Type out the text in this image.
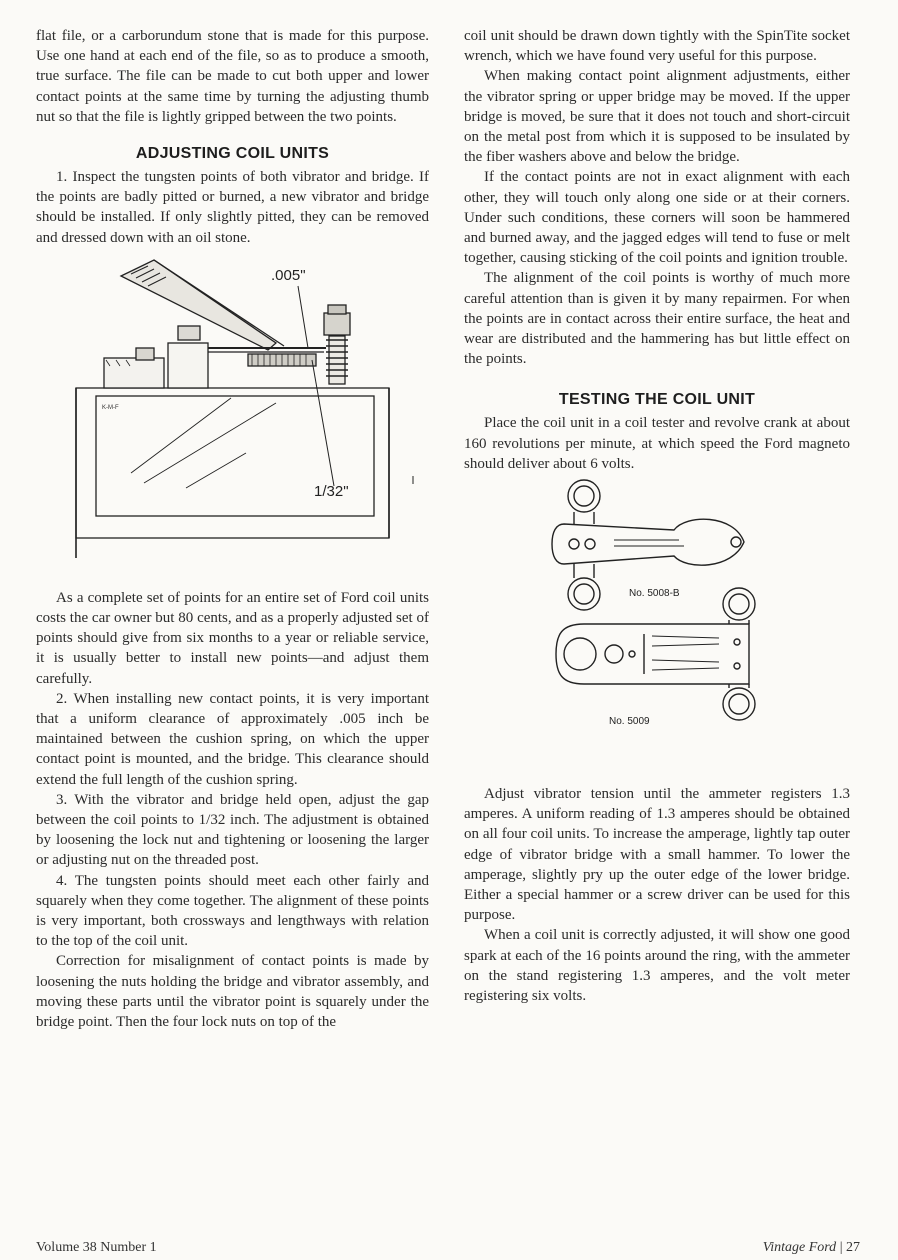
flat file, or a carborundum stone that is made for this purpose. Use one hand at each end of the file, so as to produce a smooth, true surface. The file can be made to cut both upper and lower contact points at the same time by turning the adjusting thumb nut so that the file is lightly gripped between the two points.

ADJUSTING COIL UNITS

1. Inspect the tungsten points of both vibrator and bridge. If the points are badly pitted or burned, a new vibrator and bridge should be installed. If only slightly pitted, they can be removed and dressed down with an oil stone.

.005"
1/32"
K-M-F

As a complete set of points for an entire set of Ford coil units costs the car owner but 80 cents, and as a properly adjusted set of points should give from six months to a year or reliable service, it is usually better to install new points—and adjust them carefully.

2. When installing new contact points, it is very important that a uniform clearance of approximately .005 inch be maintained between the cushion spring, on which the upper contact point is mounted, and the bridge. This clearance should extend the full length of the cushion spring.

3. With the vibrator and bridge held open, adjust the gap between the coil points to 1/32 inch. The adjustment is obtained by loosening the lock nut and tightening or loosening the larger or adjusting nut on the threaded post.

4. The tungsten points should meet each other fairly and squarely when they come together. The alignment of these points is very important, both crossways and lengthways with relation to the top of the coil unit.

Correction for misalignment of contact points is made by loosening the nuts holding the bridge and vibrator assembly, and moving these parts until the vibrator point is squarely under the bridge point. Then the four lock nuts on top of the

coil unit should be drawn down tightly with the SpinTite socket wrench, which we have found very useful for this purpose.

When making contact point alignment adjustments, either the vibrator spring or upper bridge may be moved. If the upper bridge is moved, be sure that it does not touch and short-circuit on the metal post from which it is supposed to be insulated by the fiber washers above and below the bridge.

If the contact points are not in exact alignment with each other, they will touch only along one side or at their corners. Under such conditions, these corners will soon be hammered and burned away, and the jagged edges will tend to fuse or melt together, causing sticking of the coil points and ignition trouble.

The alignment of the coil points is worthy of much more careful attention than is given it by many repairmen. For when the points are in contact across their entire surface, the heat and wear are distributed and the hammering has but little effect on the points.

TESTING THE COIL UNIT

Place the coil unit in a coil tester and revolve crank at about 160 revolutions per minute, at which speed the Ford magneto should deliver about 6 volts.

No. 5008-B
No. 5009

Adjust vibrator tension until the ammeter registers 1.3 amperes. A uniform reading of 1.3 amperes should be obtained on all four coil units. To increase the amperage, lightly tap outer edge of vibrator bridge with a small hammer. To lower the amperage, slightly pry up the outer edge of the lower bridge. Either a special hammer or a screw driver can be used for this purpose.

When a coil unit is correctly adjusted, it will show one good spark at each of the 16 points around the ring, with the ammeter on the stand registering 1.3 amperes, and the volt meter registering six volts.

Volume 38 Number 1	Vintage Ford | 27
